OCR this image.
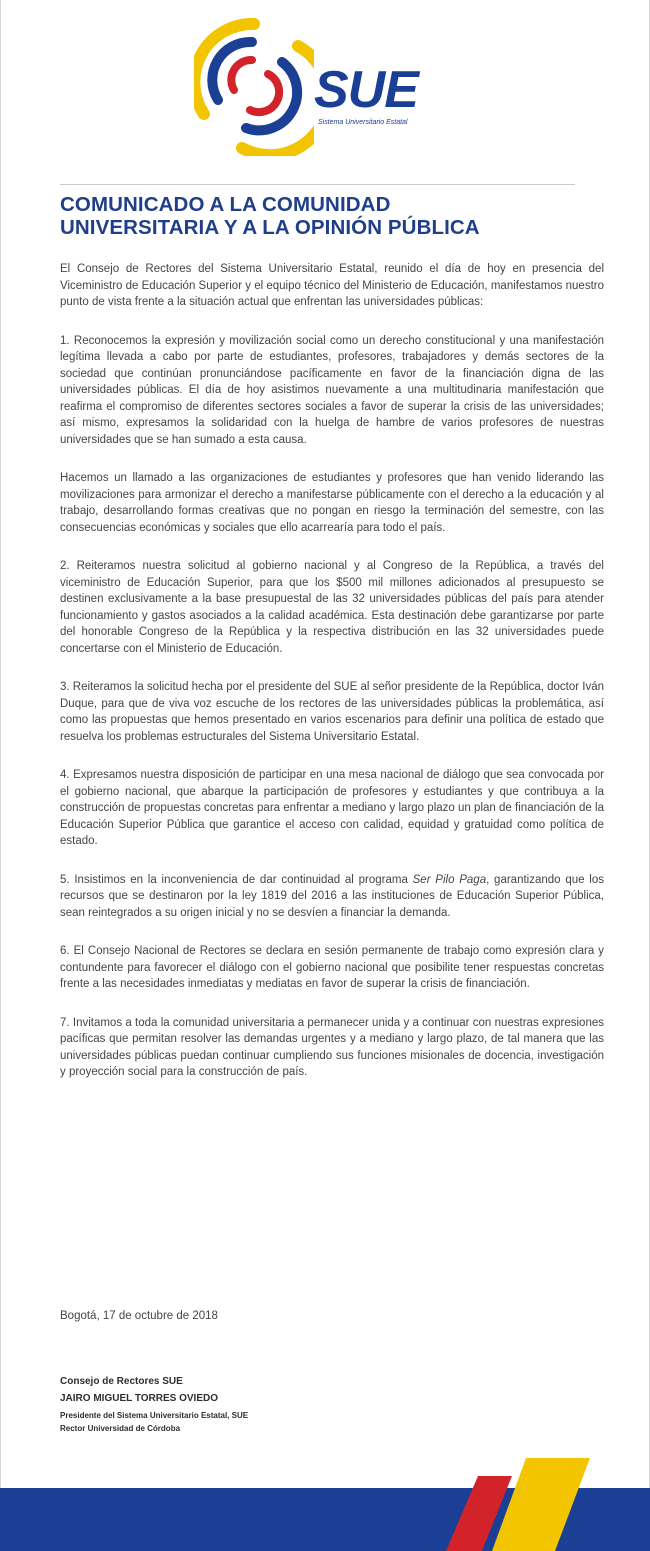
SUE
Sistema Universitario Estatal
COMUNICADO A LA COMUNIDAD
UNIVERSITARIA Y A LA OPINIÓN PÚBLICA

El Consejo de Rectores del Sistema Universitario Estatal, reunido el día de hoy en presencia del Viceministro de Educación Superior y el equipo técnico del Ministerio de Educación, manifestamos nuestro punto de vista frente a la situación actual que enfrentan las universidades públicas:

1. Reconocemos la expresión y movilización social como un derecho constitucional y una manifestación legítima llevada a cabo por parte de estudiantes, profesores, trabajadores y demás sectores de la sociedad que continúan pronunciándose pacíficamente en favor de la financiación digna de las universidades públicas. El día de hoy asistimos nuevamente a una multitudinaria manifestación que reafirma el compromiso de diferentes sectores sociales a favor de superar la crisis de las universidades; así mismo, expresamos la solidaridad con la huelga de hambre de varios profesores de nuestras universidades que se han sumado a esta causa.

Hacemos un llamado a las organizaciones de estudiantes y profesores que han venido liderando las movilizaciones para armonizar el derecho a manifestarse públicamente con el derecho a la educación y al trabajo, desarrollando formas creativas que no pongan en riesgo la terminación del semestre, con las consecuencias económicas y sociales que ello acarrearía para todo el país.

2. Reiteramos nuestra solicitud al gobierno nacional y al Congreso de la República, a través del viceministro de Educación Superior, para que los $500 mil millones adicionados al presupuesto se destinen exclusivamente a la base presupuestal de las 32 universidades públicas del país para atender funcionamiento y gastos asociados a la calidad académica. Esta destinación debe garantizarse por parte del honorable Congreso de la República y la respectiva distribución en las 32 universidades puede concertarse con el Ministerio de Educación.

3. Reiteramos la solicitud hecha por el presidente del SUE al señor presidente de la República, doctor Iván Duque, para que de viva voz escuche de los rectores de las universidades públicas la problemática, así como las propuestas que hemos presentado en varios escenarios para definir una política de estado que resuelva los problemas estructurales del Sistema Universitario Estatal.

4. Expresamos nuestra disposición de participar en una mesa nacional de diálogo que sea convocada por el gobierno nacional, que abarque la participación de profesores y estudiantes y que contribuya a la construcción de propuestas concretas para enfrentar a mediano y largo plazo un plan de financiación de la Educación Superior Pública que garantice el acceso con calidad, equidad y gratuidad como política de estado.

5. Insistimos en la inconveniencia de dar continuidad al programa Ser Pilo Paga, garantizando que los recursos que se destinaron por la ley 1819 del 2016 a las instituciones de Educación Superior Pública, sean reintegrados a su origen inicial y no se desvíen a financiar la demanda.

6. El Consejo Nacional de Rectores se declara en sesión permanente de trabajo como expresión clara y contundente para favorecer el diálogo con el gobierno nacional que posibilite tener respuestas concretas frente a las necesidades inmediatas y mediatas en favor de superar la crisis de financiación.

7. Invitamos a toda la comunidad universitaria a permanecer unida y a continuar con nuestras expresiones pacíficas que permitan resolver las demandas urgentes y a mediano y largo plazo, de tal manera que las universidades públicas puedan continuar cumpliendo sus funciones misionales de docencia, investigación y proyección social para la construcción de país.

Bogotá, 17 de octubre de 2018
Consejo de Rectores SUE
JAIRO MIGUEL TORRES OVIEDO
Presidente del Sistema Universitario Estatal, SUE
Rector Universidad de Córdoba
